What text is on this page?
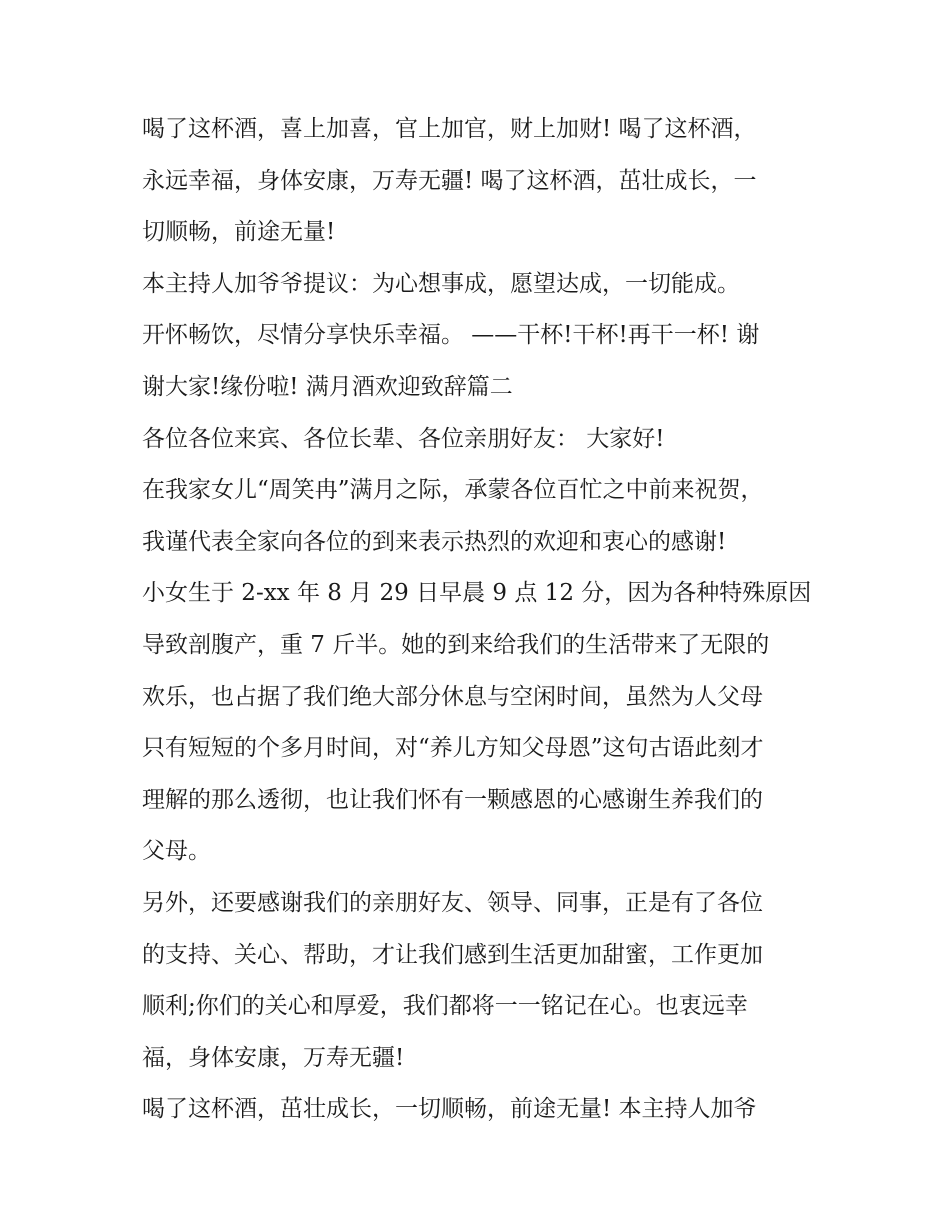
喝了这杯酒，喜上加喜，官上加官，财上加财! 喝了这杯酒，
永远幸福，身体安康，万寿无疆! 喝了这杯酒，茁壮成长，一
切顺畅，前途无量!
本主持人加爷爷提议：为心想事成，愿望达成，一切能成。
开怀畅饮，尽情分享快乐幸福。 ——干杯!干杯!再干一杯! 谢
谢大家!缘份啦! 满月酒欢迎致辞篇二
各位各位来宾、各位长辈、各位亲朋好友： 大家好!
在我家女儿“周笑冉”满月之际，承蒙各位百忙之中前来祝贺，
我谨代表全家向各位的到来表示热烈的欢迎和衷心的感谢!
小女生于 2-xx 年 8 月 29 日早晨 9 点 12 分，因为各种特殊原因
导致剖腹产，重 7 斤半。她的到来给我们的生活带来了无限的
欢乐，也占据了我们绝大部分休息与空闲时间，虽然为人父母
只有短短的个多月时间，对“养儿方知父母恩”这句古语此刻才
理解的那么透彻，也让我们怀有一颗感恩的心感谢生养我们的
父母。
另外，还要感谢我们的亲朋好友、领导、同事，正是有了各位
的支持、关心、帮助，才让我们感到生活更加甜蜜，工作更加
顺利;你们的关心和厚爱，我们都将一一铭记在心。也衷远幸
福，身体安康，万寿无疆!
喝了这杯酒，茁壮成长，一切顺畅，前途无量! 本主持人加爷
